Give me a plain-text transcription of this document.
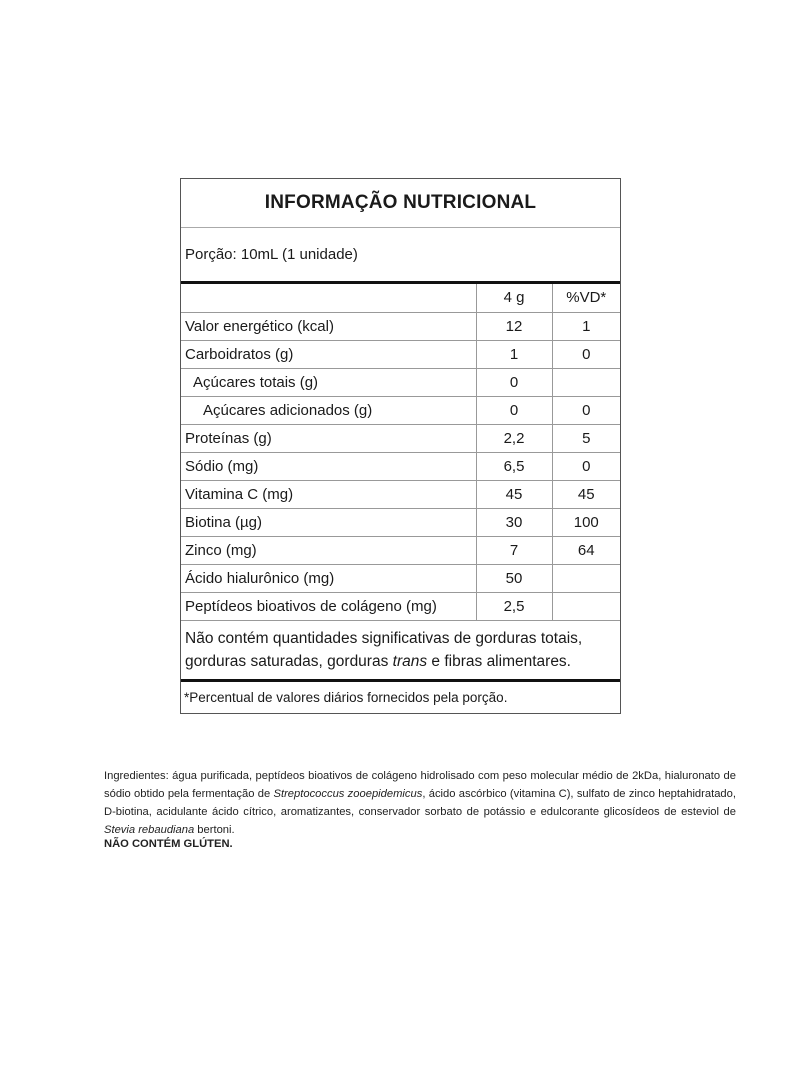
INFORMAÇÃO NUTRICIONAL
Porção: 10mL (1 unidade)
	4 g	%VD*
Valor energético (kcal)	12	1
Carboidratos (g)	1	0
Açúcares totais (g)	0	
Açúcares adicionados (g)	0	0
Proteínas (g)	2,2	5
Sódio (mg)	6,5	0
Vitamina C (mg)	45	45
Biotina (µg)	30	100
Zinco (mg)	7	64
Ácido hialurônico (mg)	50	
Peptídeos bioativos de colágeno (mg)	2,5	
Não contém quantidades significativas de gorduras totais, gorduras saturadas, gorduras trans e fibras alimentares.
*Percentual de valores diários fornecidos pela porção.
Ingredientes: água purificada, peptídeos bioativos de colágeno hidrolisado com peso molecular médio de 2kDa, hialuronato de sódio obtido pela fermentação de Streptococcus zooepidemicus, ácido ascórbico (vitamina C), sulfato de zinco heptahidratado, D-biotina, acidulante ácido cítrico, aromatizantes, conservador sorbato de potássio e edulcorante glicosídeos de esteviol de Stevia rebaudiana bertoni.
NÃO CONTÉM GLÚTEN.
